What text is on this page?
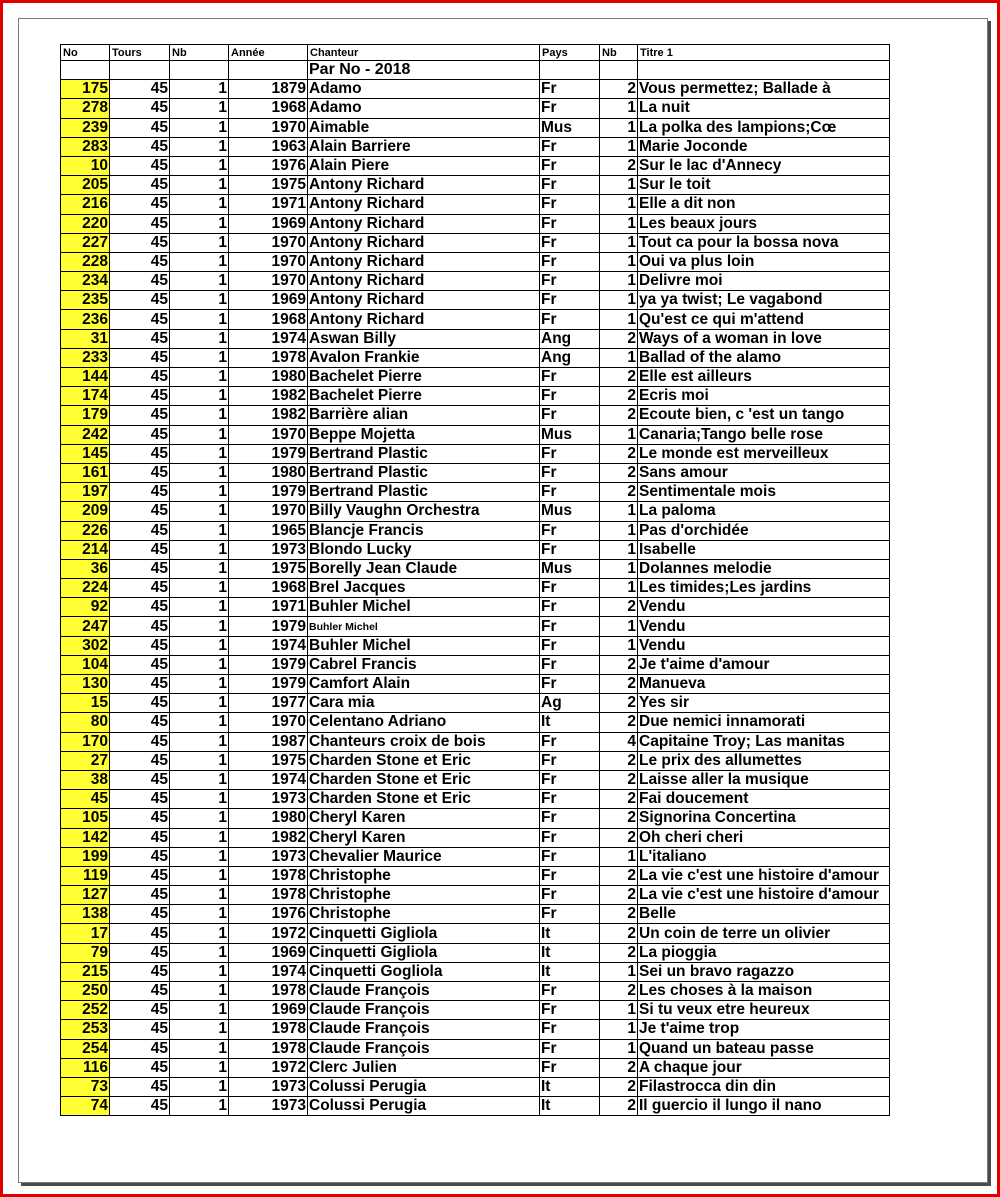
No	Tours	Nb	Année	Chanteur	Pays	Nb	Titre 1
				Par No - 2018			
175	45	1	1879	Adamo	Fr	2	Vous permettez; Ballade à
278	45	1	1968	Adamo	Fr	1	La nuit
239	45	1	1970	Aimable	Mus	1	La polka des lampions;Cœ
283	45	1	1963	Alain Barriere	Fr	1	Marie Joconde
10	45	1	1976	Alain Piere	Fr	2	Sur le lac d'Annecy
205	45	1	1975	Antony Richard	Fr	1	Sur le toit
216	45	1	1971	Antony Richard	Fr	1	Elle a dit non
220	45	1	1969	Antony Richard	Fr	1	Les beaux jours
227	45	1	1970	Antony Richard	Fr	1	Tout ca pour la bossa nova
228	45	1	1970	Antony Richard	Fr	1	Oui va plus loin
234	45	1	1970	Antony Richard	Fr	1	Delivre moi
235	45	1	1969	Antony Richard	Fr	1	ya ya twist; Le vagabond
236	45	1	1968	Antony Richard	Fr	1	Qu'est ce qui m'attend
31	45	1	1974	Aswan Billy	Ang	2	Ways of a woman in love
233	45	1	1978	Avalon Frankie	Ang	1	Ballad of the alamo
144	45	1	1980	Bachelet Pierre	Fr	2	Elle est ailleurs
174	45	1	1982	Bachelet Pierre	Fr	2	Ecris moi
179	45	1	1982	Barrière alian	Fr	2	Ecoute bien, c 'est un tango
242	45	1	1970	Beppe Mojetta	Mus	1	Canaria;Tango belle rose
145	45	1	1979	Bertrand Plastic	Fr	2	Le monde est merveilleux
161	45	1	1980	Bertrand Plastic	Fr	2	Sans amour
197	45	1	1979	Bertrand Plastic	Fr	2	Sentimentale mois
209	45	1	1970	Billy Vaughn Orchestra	Mus	1	La paloma
226	45	1	1965	Blancje Francis	Fr	1	Pas d'orchidée
214	45	1	1973	Blondo Lucky	Fr	1	Isabelle
36	45	1	1975	Borelly Jean Claude	Mus	1	Dolannes melodie
224	45	1	1968	Brel Jacques	Fr	1	Les timides;Les jardins
92	45	1	1971	Buhler Michel	Fr	2	Vendu
247	45	1	1979	Buhler Michel	Fr	1	Vendu
302	45	1	1974	Buhler Michel	Fr	1	Vendu
104	45	1	1979	Cabrel Francis	Fr	2	Je t'aime d'amour
130	45	1	1979	Camfort Alain	Fr	2	Manueva
15	45	1	1977	Cara mia	Ag	2	Yes sir
80	45	1	1970	Celentano Adriano	It	2	Due nemici innamorati
170	45	1	1987	Chanteurs croix de bois	Fr	4	Capitaine Troy; Las manitas
27	45	1	1975	Charden Stone et Eric	Fr	2	Le prix des allumettes
38	45	1	1974	Charden Stone et Eric	Fr	2	Laisse aller la musique
45	45	1	1973	Charden Stone et Eric	Fr	2	Fai doucement
105	45	1	1980	Cheryl Karen	Fr	2	Signorina Concertina
142	45	1	1982	Cheryl Karen	Fr	2	Oh cheri cheri
199	45	1	1973	Chevalier Maurice	Fr	1	L'italiano
119	45	1	1978	Christophe	Fr	2	La vie c'est une histoire d'amour
127	45	1	1978	Christophe	Fr	2	La vie c'est une histoire d'amour
138	45	1	1976	Christophe	Fr	2	Belle
17	45	1	1972	Cinquetti Gigliola	It	2	Un coin de terre un olivier
79	45	1	1969	Cinquetti Gigliola	It	2	La pioggia
215	45	1	1974	Cinquetti Gogliola	It	1	Sei un bravo ragazzo
250	45	1	1978	Claude François	Fr	2	Les choses à la maison
252	45	1	1969	Claude François	Fr	1	Si tu veux etre heureux
253	45	1	1978	Claude François	Fr	1	Je t'aime trop
254	45	1	1978	Claude François	Fr	1	Quand un bateau passe
116	45	1	1972	Clerc Julien	Fr	2	A chaque jour
73	45	1	1973	Colussi Perugia	It	2	Filastrocca din din
74	45	1	1973	Colussi Perugia	It	2	Il guercio il lungo il nano
